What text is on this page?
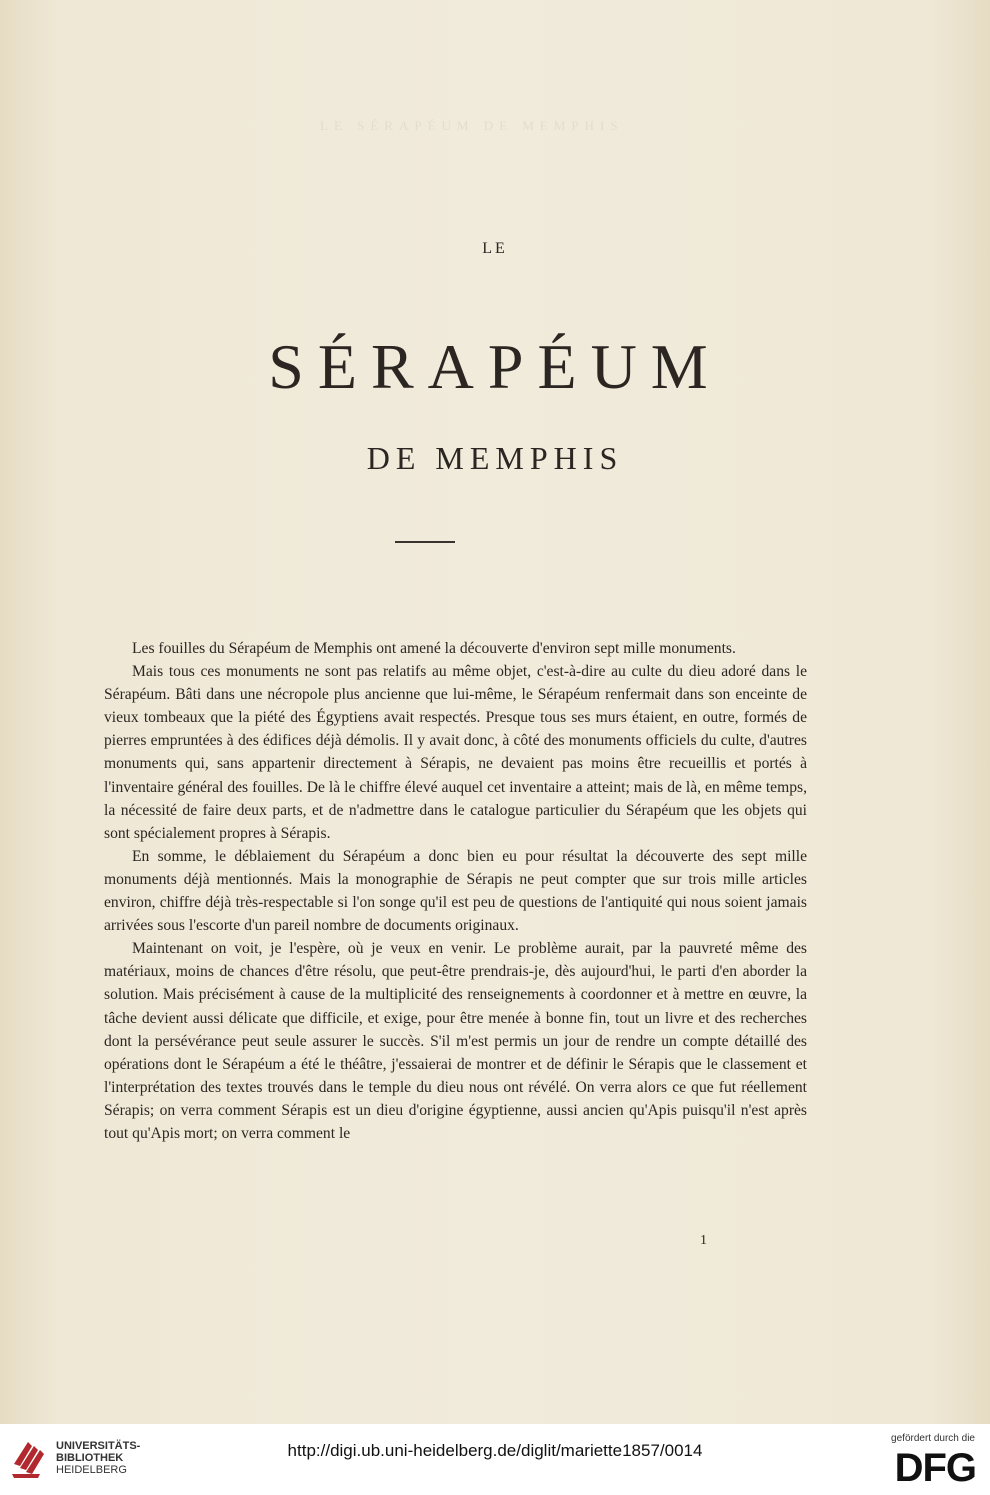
LE SÉRAPÉUM DE MEMPHIS
LE
SÉRAPÉUM
DE MEMPHIS

Les fouilles du Sérapéum de Memphis ont amené la découverte d'environ sept mille monuments.

Mais tous ces monuments ne sont pas relatifs au même objet, c'est-à-dire au culte du dieu adoré dans le Sérapéum. Bâti dans une nécropole plus ancienne que lui-même, le Sérapéum renfermait dans son enceinte de vieux tombeaux que la piété des Égyptiens avait respectés. Presque tous ses murs étaient, en outre, formés de pierres empruntées à des édifices déjà démolis. Il y avait donc, à côté des monuments officiels du culte, d'autres monuments qui, sans appartenir directement à Sérapis, ne devaient pas moins être recueillis et portés à l'inventaire général des fouilles. De là le chiffre élevé auquel cet inventaire a atteint; mais de là, en même temps, la nécessité de faire deux parts, et de n'admettre dans le catalogue particulier du Sérapéum que les objets qui sont spécialement propres à Sérapis.

En somme, le déblaiement du Sérapéum a donc bien eu pour résultat la découverte des sept mille monuments déjà mentionnés. Mais la monographie de Sérapis ne peut compter que sur trois mille articles environ, chiffre déjà très-respectable si l'on songe qu'il est peu de questions de l'antiquité qui nous soient jamais arrivées sous l'escorte d'un pareil nombre de documents originaux.

Maintenant on voit, je l'espère, où je veux en venir. Le problème aurait, par la pauvreté même des matériaux, moins de chances d'être résolu, que peut-être prendrais-je, dès aujourd'hui, le parti d'en aborder la solution. Mais précisément à cause de la multiplicité des renseignements à coordonner et à mettre en œuvre, la tâche devient aussi délicate que difficile, et exige, pour être menée à bonne fin, tout un livre et des recherches dont la persévérance peut seule assurer le succès. S'il m'est permis un jour de rendre un compte détaillé des opérations dont le Sérapéum a été le théâtre, j'essaierai de montrer et de définir le Sérapis que le classement et l'interprétation des textes trouvés dans le temple du dieu nous ont révélé. On verra alors ce que fut réellement Sérapis; on verra comment Sérapis est un dieu d'origine égyptienne, aussi ancien qu'Apis puisqu'il n'est après tout qu'Apis mort; on verra comment le

1
UNIVERSITÄTS-
BIBLIOTHEK
HEIDELBERG
http://digi.ub.uni-heidelberg.de/diglit/mariette1857/0014
gefördert durch die
DFG
